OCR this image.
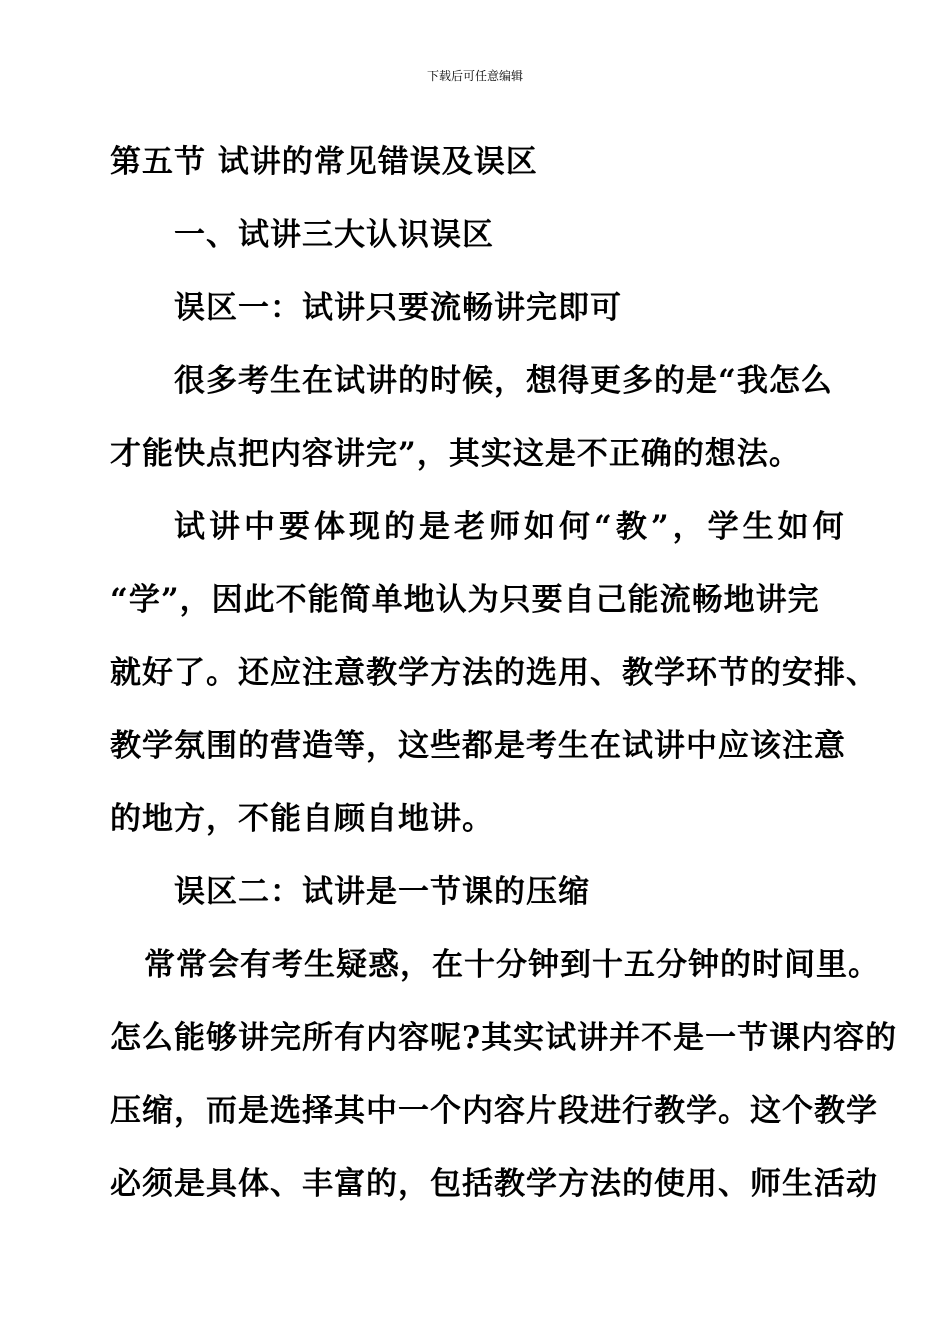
下载后可任意编辑
第五节 试讲的常见错误及误区
一、试讲三大认识误区
误区一：试讲只要流畅讲完即可
很多考生在试讲的时候，想得更多的是“我怎么
才能快点把内容讲完”，其实这是不正确的想法。
试讲中要体现的是老师如何“教”，学生如何
“学”，因此不能简单地认为只要自己能流畅地讲完
就好了。还应注意教学方法的选用、教学环节的安排、
教学氛围的营造等，这些都是考生在试讲中应该注意
的地方，不能自顾自地讲。
误区二：试讲是一节课的压缩
常常会有考生疑惑，在十分钟到十五分钟的时间里。
怎么能够讲完所有内容呢?其实试讲并不是一节课内容的
压缩，而是选择其中一个内容片段进行教学。这个教学
必须是具体、丰富的，包括教学方法的使用、师生活动
